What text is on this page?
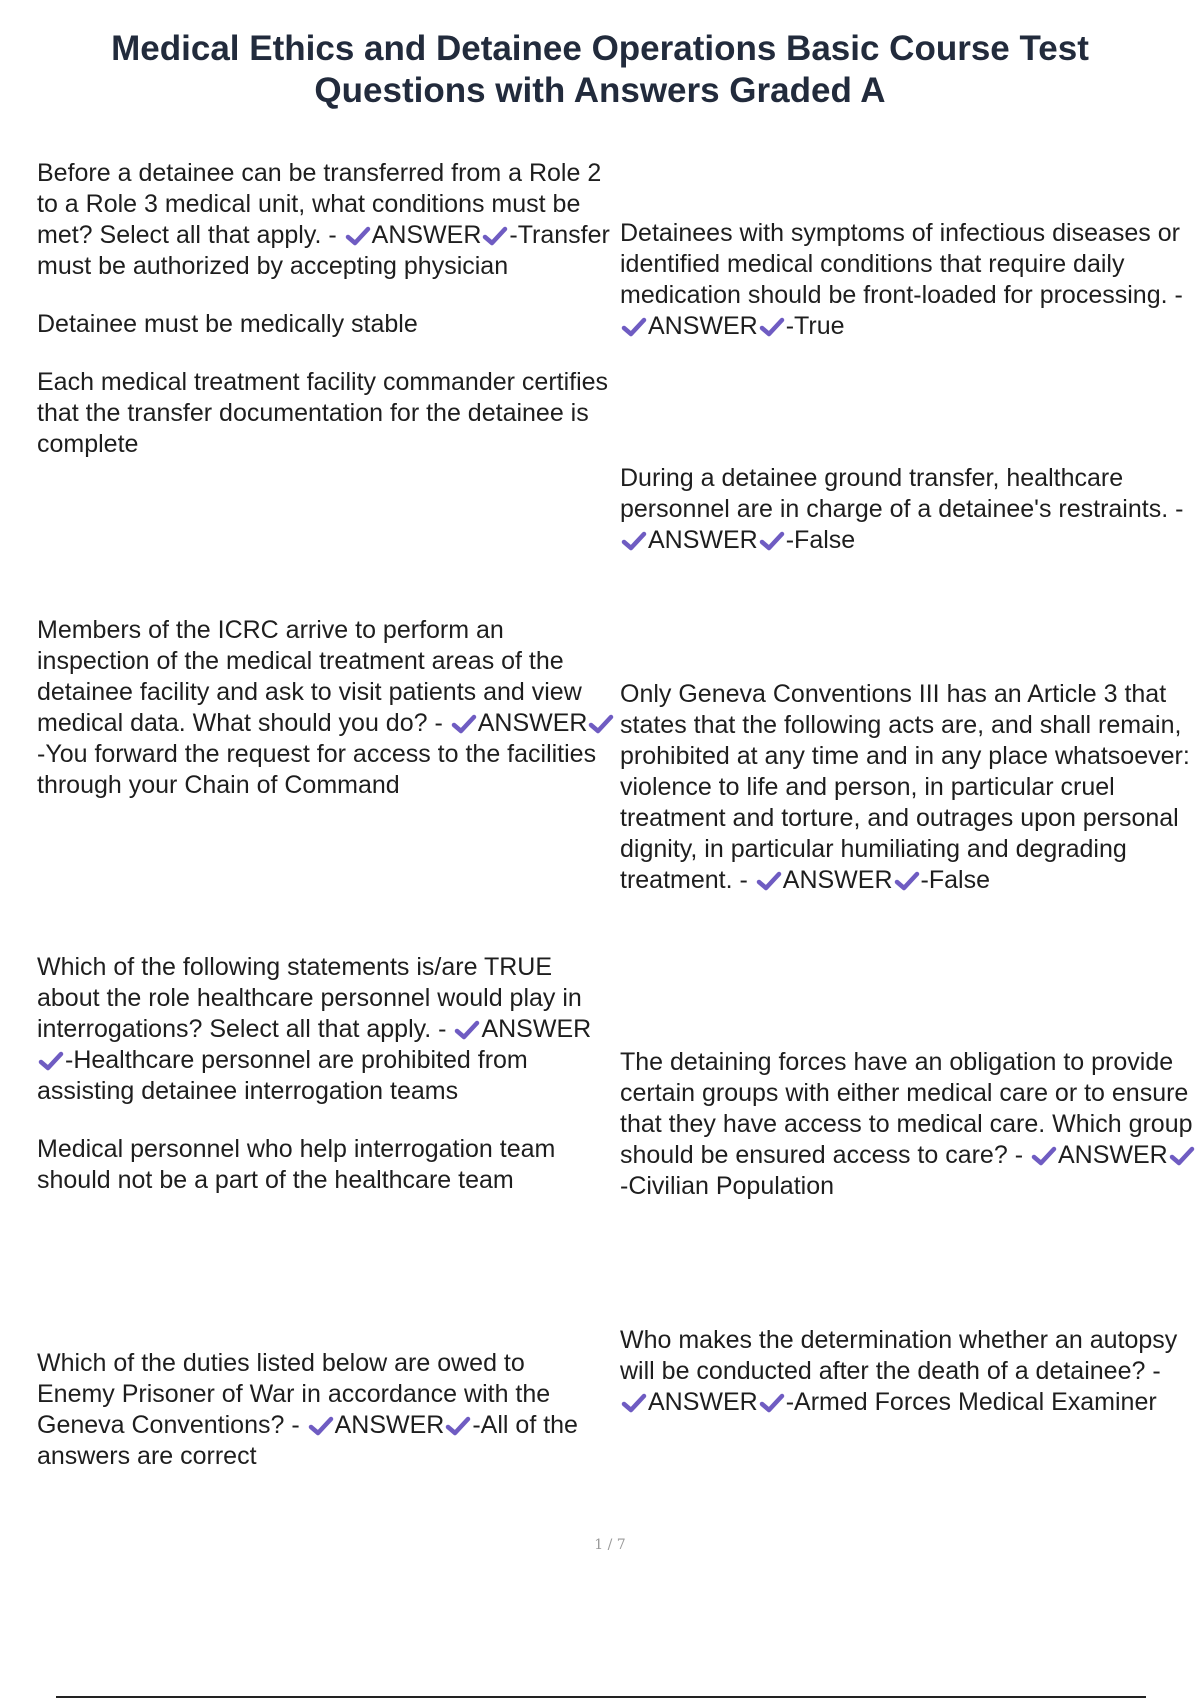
Medical Ethics and Detainee Operations Basic Course Test Questions with Answers Graded A

Before a detainee can be transferred from a Role 2 to a Role 3 medical unit, what conditions must be met? Select all that apply. - ANSWER -Transfer must be authorized by accepting physician

Detainee must be medically stable

Each medical treatment facility commander certifies that the transfer documentation for the detainee is complete

Members of the ICRC arrive to perform an inspection of the medical treatment areas of the detainee facility and ask to visit patients and view medical data. What should you do? - ANSWER
-You forward the request for access to the facilities through your Chain of Command

Which of the following statements is/are TRUE about the role healthcare personnel would play in interrogations? Select all that apply. - ANSWER
-Healthcare personnel are prohibited from assisting detainee interrogation teams

Medical personnel who help interrogation team should not be a part of the healthcare team

Which of the duties listed below are owed to Enemy Prisoner of War in accordance with the Geneva Conventions? - ANSWER -All of the answers are correct

Detainees with symptoms of infectious diseases or identified medical conditions that require daily medication should be front-loaded for processing. -
ANSWER -True

During a detainee ground transfer, healthcare personnel are in charge of a detainee's restraints. -
ANSWER -False

Only Geneva Conventions III has an Article 3 that states that the following acts are, and shall remain, prohibited at any time and in any place whatsoever: violence to life and person, in particular cruel treatment and torture, and outrages upon personal dignity, in particular humiliating and degrading treatment. - ANSWER -False

The detaining forces have an obligation to provide certain groups with either medical care or to ensure that they have access to medical care. Which group should be ensured access to care? - ANSWER
-Civilian Population

Who makes the determination whether an autopsy will be conducted after the death of a detainee? -
ANSWER -Armed Forces Medical Examiner

1 / 7
